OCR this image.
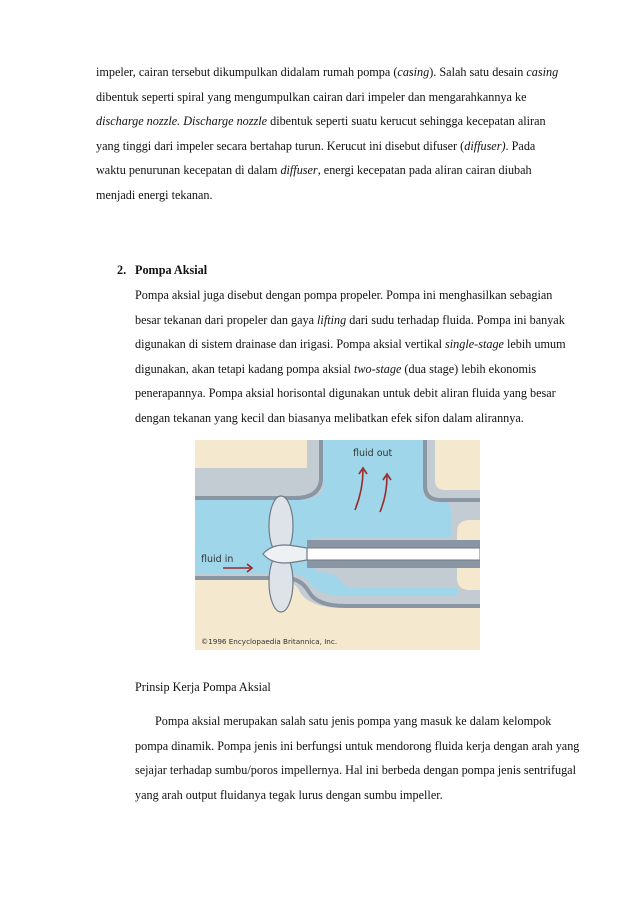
impeler, cairan tersebut dikumpulkan didalam rumah pompa (casing). Salah satu desain casing dibentuk seperti spiral yang mengumpulkan cairan dari impeler dan mengarahkannya ke discharge nozzle. Discharge nozzle dibentuk seperti suatu kerucut sehingga kecepatan aliran yang tinggi dari impeler secara bertahap turun. Kerucut ini disebut difuser (diffuser). Pada waktu penurunan kecepatan di dalam diffuser, energi kecepatan pada aliran cairan diubah menjadi energi tekanan.

2. Pompa Aksial

Pompa aksial juga disebut dengan pompa propeler. Pompa ini menghasilkan sebagian besar tekanan dari propeler dan gaya lifting dari sudu terhadap fluida. Pompa ini banyak digunakan di sistem drainase dan irigasi. Pompa aksial vertikal single-stage lebih umum digunakan, akan tetapi kadang pompa aksial two-stage (dua stage) lebih ekonomis penerapannya. Pompa aksial horisontal digunakan untuk debit aliran fluida yang besar dengan tekanan yang kecil dan biasanya melibatkan efek sifon dalam alirannya.

fluid out
fluid in
©1996 Encyclopaedia Britannica, Inc.
Prinsip Kerja Pompa Aksial

Pompa aksial merupakan salah satu jenis pompa yang masuk ke dalam kelompok pompa dinamik. Pompa jenis ini berfungsi untuk mendorong fluida kerja dengan arah yang sejajar terhadap sumbu/poros impellernya. Hal ini berbeda dengan pompa jenis sentrifugal yang arah output fluidanya tegak lurus dengan sumbu impeller.
